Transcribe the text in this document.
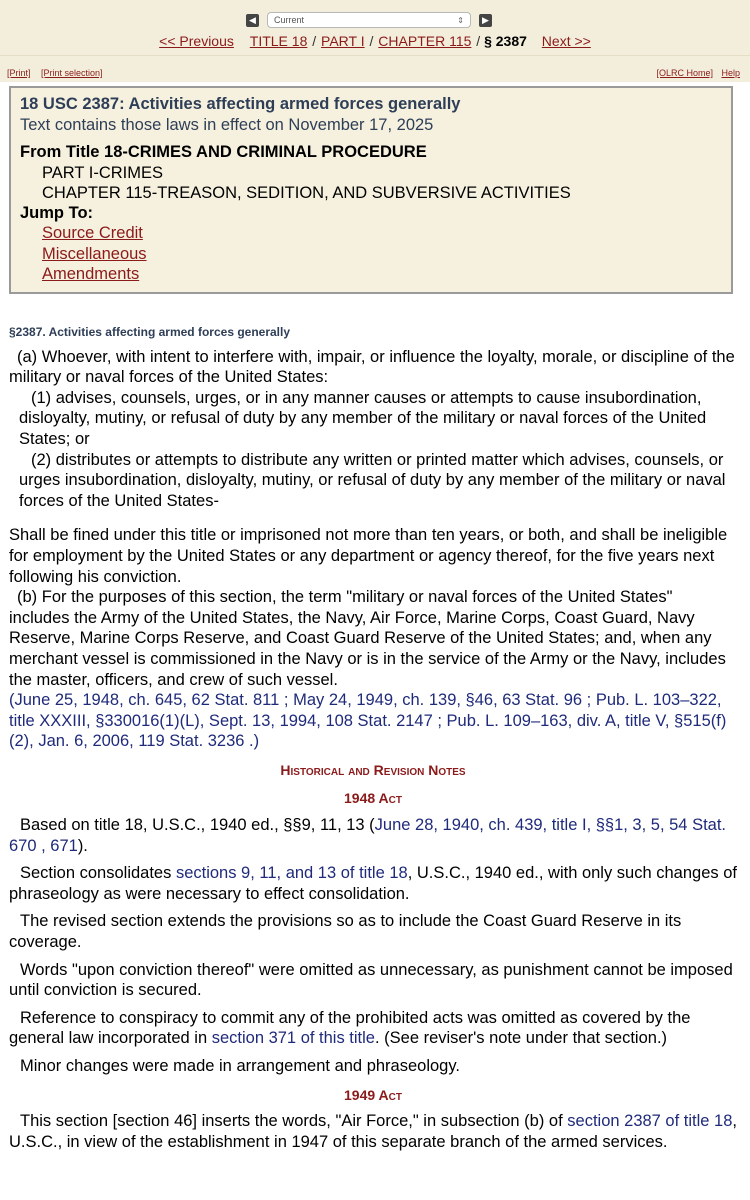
◀	Current	⇕	▶
<< Previous TITLE 18 / PART I / CHAPTER 115 / § 2387 Next >>
[Print] [Print selection]	[OLRC Home] Help
18 USC 2387: Activities affecting armed forces generally
Text contains those laws in effect on November 17, 2025
From Title 18-CRIMES AND CRIMINAL PROCEDURE
PART I-CRIMES
CHAPTER 115-TREASON, SEDITION, AND SUBVERSIVE ACTIVITIES
Jump To:
Source Credit
Miscellaneous
Amendments
§2387. Activities affecting armed forces generally

(a) Whoever, with intent to interfere with, impair, or influence the loyalty, morale, or discipline of the military or naval forces of the United States:

(1) advises, counsels, urges, or in any manner causes or attempts to cause insubordination, disloyalty, mutiny, or refusal of duty by any member of the military or naval forces of the United States; or
(2) distributes or attempts to distribute any written or printed matter which advises, counsels, or urges insubordination, disloyalty, mutiny, or refusal of duty by any member of the military or naval forces of the United States-

Shall be fined under this title or imprisoned not more than ten years, or both, and shall be ineligible for employment by the United States or any department or agency thereof, for the five years next following his conviction.

(b) For the purposes of this section, the term "military or naval forces of the United States" includes the Army of the United States, the Navy, Air Force, Marine Corps, Coast Guard, Navy Reserve, Marine Corps Reserve, and Coast Guard Reserve of the United States; and, when any merchant vessel is commissioned in the Navy or is in the service of the Army or the Navy, includes the master, officers, and crew of such vessel.

(June 25, 1948, ch. 645, 62 Stat. 811 ; May 24, 1949, ch. 139, §46, 63 Stat. 96 ; Pub. L. 103–322, title XXXIII, §330016(1)(L), Sept. 13, 1994, 108 Stat. 2147 ; Pub. L. 109–163, div. A, title V, §515(f)(2), Jan. 6, 2006, 119 Stat. 3236 .)

Historical and Revision Notes
1948 Act

Based on title 18, U.S.C., 1940 ed., §§9, 11, 13 (June 28, 1940, ch. 439, title I, §§1, 3, 5, 54 Stat. 670 , 671).

Section consolidates sections 9, 11, and 13 of title 18, U.S.C., 1940 ed., with only such changes of phraseology as were necessary to effect consolidation.

The revised section extends the provisions so as to include the Coast Guard Reserve in its coverage.

Words "upon conviction thereof" were omitted as unnecessary, as punishment cannot be imposed until conviction is secured.

Reference to conspiracy to commit any of the prohibited acts was omitted as covered by the general law incorporated in section 371 of this title. (See reviser's note under that section.)

Minor changes were made in arrangement and phraseology.

1949 Act

This section [section 46] inserts the words, "Air Force," in subsection (b) of section 2387 of title 18, U.S.C., in view of the establishment in 1947 of this separate branch of the armed services.
